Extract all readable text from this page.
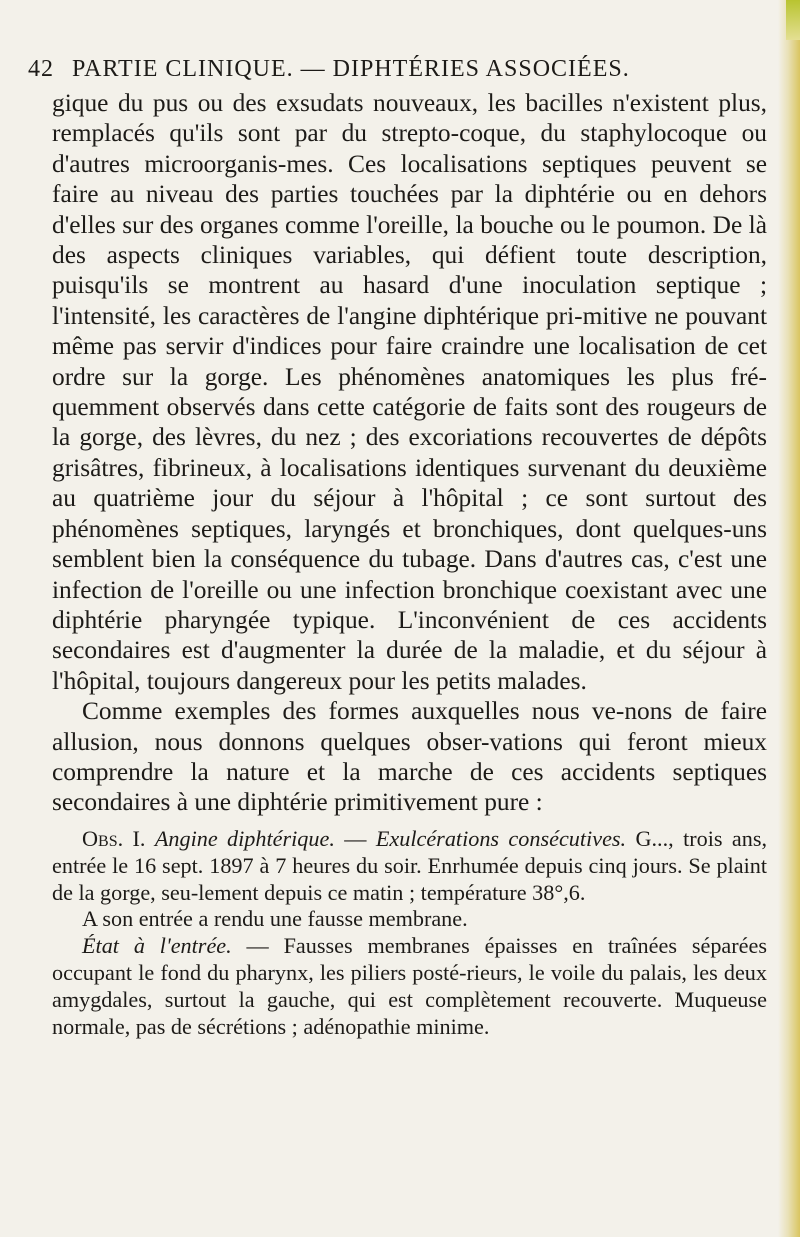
42 PARTIE CLINIQUE. — DIPHTÉRIES ASSOCIÉES.

gique du pus ou des exsudats nouveaux, les bacilles n'existent plus, remplacés qu'ils sont par du strepto-coque, du staphylocoque ou d'autres microorganis-mes. Ces localisations septiques peuvent se faire au niveau des parties touchées par la diphtérie ou en dehors d'elles sur des organes comme l'oreille, la bouche ou le poumon. De là des aspects cliniques variables, qui défient toute description, puisqu'ils se montrent au hasard d'une inoculation septique ; l'intensité, les caractères de l'angine diphtérique pri-mitive ne pouvant même pas servir d'indices pour faire craindre une localisation de cet ordre sur la gorge. Les phénomènes anatomiques les plus fré-quemment observés dans cette catégorie de faits sont des rougeurs de la gorge, des lèvres, du nez ; des excoriations recouvertes de dépôts grisâtres, fibrineux, à localisations identiques survenant du deuxième au quatrième jour du séjour à l'hôpital ; ce sont surtout des phénomènes septiques, laryngés et bronchiques, dont quelques-uns semblent bien la conséquence du tubage. Dans d'autres cas, c'est une infection de l'oreille ou une infection bronchique coexistant avec une diphtérie pharyngée typique. L'inconvénient de ces accidents secondaires est d'augmenter la durée de la maladie, et du séjour à l'hôpital, toujours dangereux pour les petits malades.

Comme exemples des formes auxquelles nous ve-nons de faire allusion, nous donnons quelques obser-vations qui feront mieux comprendre la nature et la marche de ces accidents septiques secondaires à une diphtérie primitivement pure :

Obs. I. Angine diphtérique. — Exulcérations consécutives. G..., trois ans, entrée le 16 sept. 1897 à 7 heures du soir. Enrhumée depuis cinq jours. Se plaint de la gorge, seu-lement depuis ce matin ; température 38°,6.

A son entrée a rendu une fausse membrane.

État à l'entrée. — Fausses membranes épaisses en traînées séparées occupant le fond du pharynx, les piliers posté-rieurs, le voile du palais, les deux amygdales, surtout la gauche, qui est complètement recouverte. Muqueuse normale, pas de sécrétions ; adénopathie minime.
